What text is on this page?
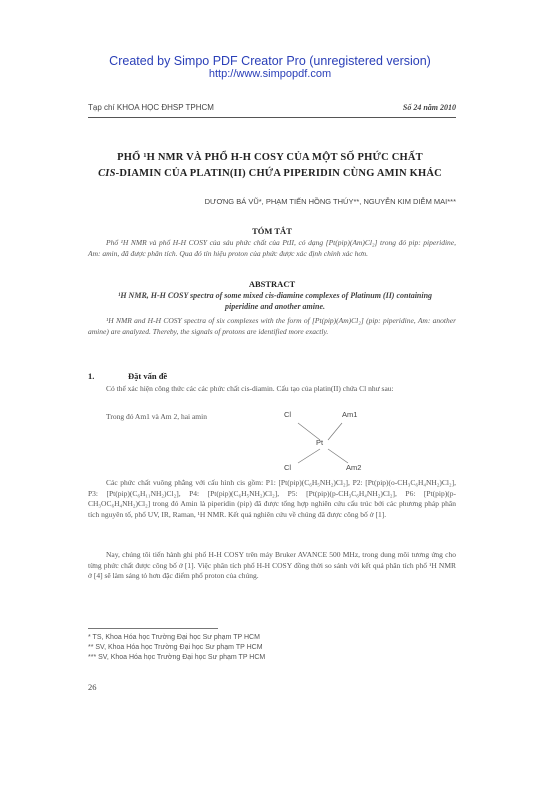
Created by Simpo PDF Creator Pro (unregistered version)
http://www.simpopdf.com
Tạp chí KHOA HỌC ĐHSP TPHCM	Số 24 năm 2010
PHỔ ¹H NMR VÀ PHỔ H-H COSY CỦA MỘT SỐ PHỨC CHẤT
CIS-DIAMIN CỦA PLATIN(II) CHỨA PIPERIDIN CÙNG AMIN KHÁC
DƯƠNG BÁ VŨ*, PHẠM TIẾN HỒNG THÚY**, NGUYỄN KIM DIỄM MAI***
TÓM TẮT

Phổ ¹H NMR và phổ H-H COSY của sáu phức chất của PtII, có dạng [Pt(pip)(Am)Cl₂] trong đó pip: piperidine, Am: amin, đã được phân tích. Qua đó tín hiệu proton của phức được xác định chính xác hơn.

ABSTRACT
¹H NMR, H-H COSY spectra of some mixed cis-diamine complexes of Platinum (II) containing piperidine and another amine.

¹H NMR and H-H COSY spectra of six complexes with the form of [Pt(pip)(Am)Cl₂] (pip: piperidine, Am: another amine) are analyzed. Thereby, the signals of protons are identified more exactly.

1.	Đặt vấn đề

Có thể xác hiện công thức các các phức chất cis-diamin. Cấu tạo của platin(II) chứa Cl như sau:

Trong đó Am1 và Am 2, hai amin	Cl	Am1
Pt
Cl	Am2

Các phức chất vuông phẳng với cấu hình cis gồm: P1: [Pt(pip)(C₆H₅NH₂)Cl₂], P2: [Pt(pip)(o-CH₃C₆H₄NH₂)Cl₂], P3: [Pt(pip)(C₆H₁₁NH₂)Cl₂], P4: [Pt(pip)(C₆H₅NH₂)Cl₂], P5: [Pt(pip)(p-CH₃C₆H₄NH₂)Cl₂], P6: [Pt(pip)(p-CH₃OC₆H₄NH₂)Cl₂] trong đó Amin là piperidin (pip) đã được tổng hợp nghiên cứu cấu trúc bởi các phương pháp phân tích nguyên tố, phổ UV, IR, Raman, ¹H NMR. Kết quả nghiên cứu về chúng đã được công bố ở [1].

Nay, chúng tôi tiến hành ghi phổ H-H COSY trên máy Bruker AVANCE 500 MHz, trong dung môi tương ứng cho từng phức chất được công bố ở [1]. Việc phân tích phổ H-H COSY đồng thời so sánh với kết quả phân tích phổ ¹H NMR ở [4] sẽ làm sáng tỏ hơn đặc điểm phổ proton của chúng.

* TS, Khoa Hóa học Trường Đại học Sư phạm TP HCM
** SV, Khoa Hóa học Trường Đại học Sư phạm TP HCM
*** SV, Khoa Hóa học Trường Đại học Sư phạm TP HCM
26
